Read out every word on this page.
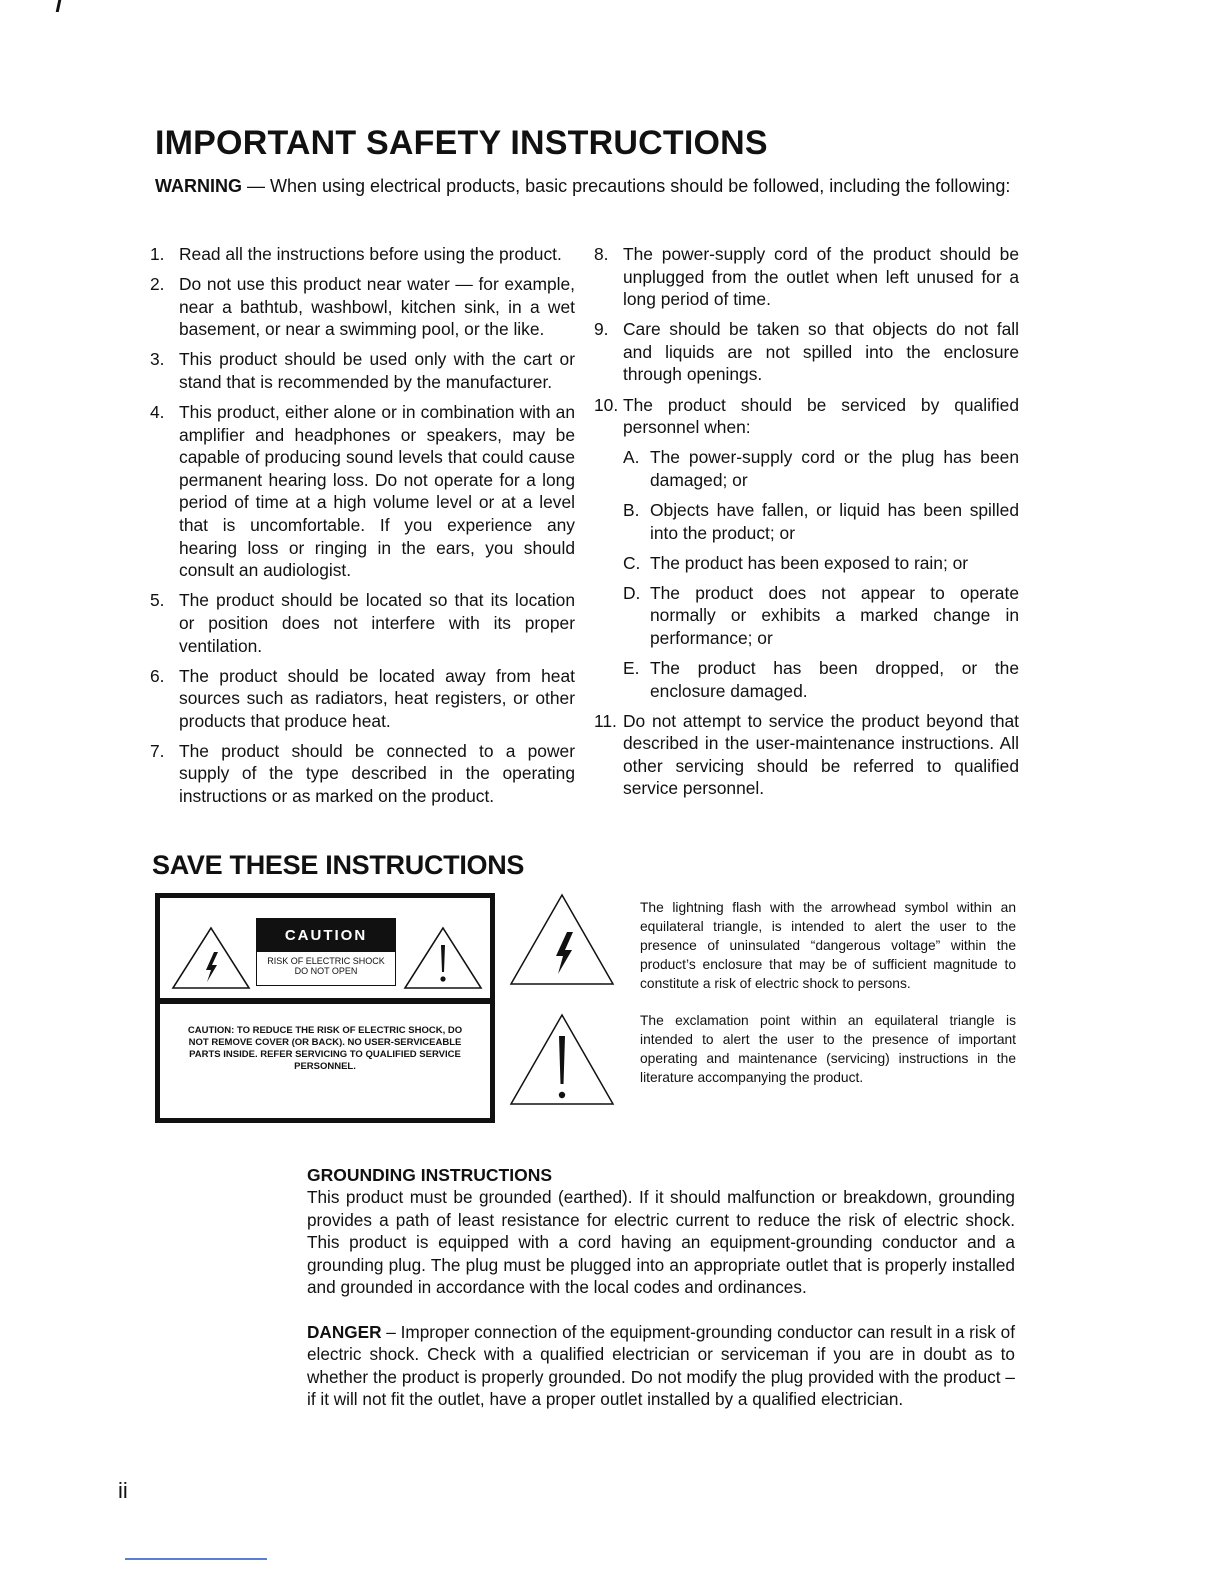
IMPORTANT SAFETY INSTRUCTIONS
WARNING — When using electrical products, basic precautions should be followed, including the following:
1. Read all the instructions before using the product.
2. Do not use this product near water — for example, near a bathtub, washbowl, kitchen sink, in a wet basement, or near a swimming pool, or the like.
3. This product should be used only with the cart or stand that is recommended by the manufacturer.
4. This product, either alone or in combination with an amplifier and headphones or speakers, may be capable of producing sound levels that could cause permanent hearing loss. Do not operate for a long period of time at a high volume level or at a level that is uncomfortable. If you experience any hearing loss or ringing in the ears, you should consult an audiologist.
5. The product should be located so that its location or position does not interfere with its proper ventilation.
6. The product should be located away from heat sources such as radiators, heat registers, or other products that produce heat.
7. The product should be connected to a power supply of the type described in the operating instructions or as marked on the product.
8. The power-supply cord of the product should be unplugged from the outlet when left unused for a long period of time.
9. Care should be taken so that objects do not fall and liquids are not spilled into the enclosure through openings.
10. The product should be serviced by qualified personnel when:
A. The power-supply cord or the plug has been damaged; or
B. Objects have fallen, or liquid has been spilled into the product; or
C. The product has been exposed to rain; or
D. The product does not appear to operate normally or exhibits a marked change in performance; or
E. The product has been dropped, or the enclosure damaged.
11. Do not attempt to service the product beyond that described in the user-maintenance instructions. All other servicing should be referred to qualified service personnel.
SAVE THESE INSTRUCTIONS
CAUTION
RISK OF ELECTRIC SHOCK
DO NOT OPEN
CAUTION: TO REDUCE THE RISK OF ELECTRIC SHOCK, DO NOT REMOVE COVER (OR BACK). NO USER-SERVICEABLE PARTS INSIDE. REFER SERVICING TO QUALIFIED SERVICE PERSONNEL.
The lightning flash with the arrowhead symbol within an equilateral triangle, is intended to alert the user to the presence of uninsulated “dangerous voltage” within the product’s enclosure that may be of sufficient magnitude to constitute a risk of electric shock to persons.
The exclamation point within an equilateral triangle is intended to alert the user to the presence of important operating and maintenance (servicing) instructions in the literature accompanying the product.
GROUNDING INSTRUCTIONS
This product must be grounded (earthed). If it should malfunction or breakdown, grounding provides a path of least resistance for electric current to reduce the risk of electric shock. This product is equipped with a cord having an equipment-grounding conductor and a grounding plug. The plug must be plugged into an appropriate outlet that is properly installed and grounded in accordance with the local codes and ordinances.
DANGER – Improper connection of the equipment-grounding conductor can result in a risk of electric shock. Check with a qualified electrician or serviceman if you are in doubt as to whether the product is properly grounded. Do not modify the plug provided with the product – if it will not fit the outlet, have a proper outlet installed by a qualified electrician.
ii
